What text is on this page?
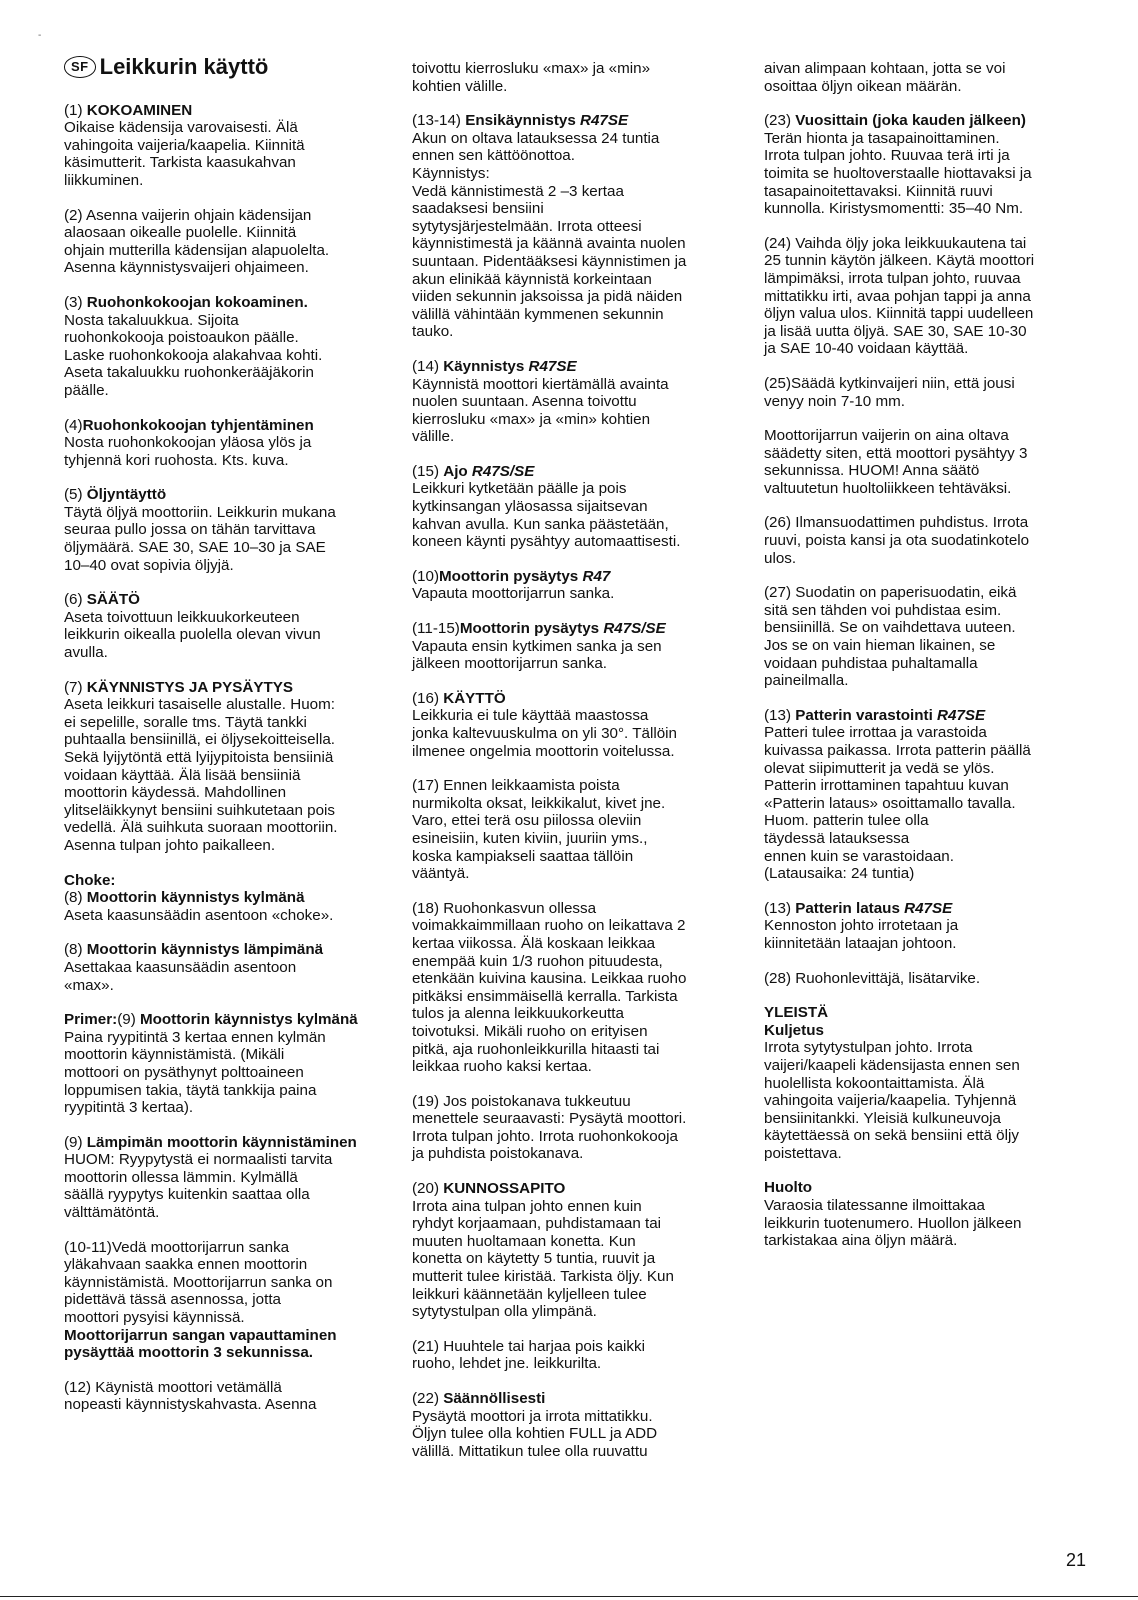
-
SF Leikkurin käyttö

(1) KOKOAMINEN

Oikaise kädensija varovaisesti. Älä

vahingoita vaijeria/kaapelia. Kiinnitä

käsimutterit. Tarkista kaasukahvan

liikkuminen.

(2) Asenna vaijerin ohjain kädensijan

alaosaan oikealle puolelle. Kiinnitä

ohjain mutterilla kädensijan alapuolelta.

Asenna käynnistysvaijeri ohjaimeen.

(3) Ruohonkokoojan kokoaminen.

Nosta takaluukkua. Sijoita

ruohonkokooja poistoaukon päälle.

Laske ruohonkokooja alakahvaa kohti.

Aseta takaluukku ruohonkerääjäkorin

päälle.

(4)Ruohonkokoojan tyhjentäminen

Nosta ruohonkokoojan yläosa ylös ja

tyhjennä kori ruohosta. Kts. kuva.

(5) Öljyntäyttö

Täytä öljyä moottoriin. Leikkurin mukana

seuraa pullo jossa on tähän tarvittava

öljymäärä. SAE 30, SAE 10–30 ja SAE

10–40 ovat sopivia öljyjä.

(6) SÄÄTÖ

Aseta toivottuun leikkuukorkeuteen

leikkurin oikealla puolella olevan vivun

avulla.

(7) KÄYNNISTYS JA PYSÄYTYS

Aseta leikkuri tasaiselle alustalle. Huom:

ei sepelille, soralle tms. Täytä tankki

puhtaalla bensiinillä, ei öljysekoitteisella.

Sekä lyijytöntä että lyijypitoista bensiiniä

voidaan käyttää. Älä lisää bensiiniä

moottorin käydessä. Mahdollinen

ylitseläikkynyt bensiini suihkutetaan pois

vedellä. Älä suihkuta suoraan moottoriin.

Asenna tulpan johto paikalleen.

Choke:

(8) Moottorin käynnistys kylmänä

Aseta kaasunsäädin asentoon «choke».

(8) Moottorin käynnistys lämpimänä

Asettakaa kaasunsäädin asentoon

«max».

Primer:(9) Moottorin käynnistys kylmänä

Paina ryypitintä 3 kertaa ennen kylmän

moottorin käynnistämistä. (Mikäli

mottoori on pysäthynyt polttoaineen

loppumisen takia, täytä tankkija paina

ryypitintä 3 kertaa).

(9) Lämpimän moottorin käynnistäminen

HUOM: Ryypytystä ei normaalisti tarvita

moottorin ollessa lämmin. Kylmällä

säällä ryypytys kuitenkin saattaa olla

välttämätöntä.

(10-11)Vedä moottorijarrun sanka

yläkahvaan saakka ennen moottorin

käynnistämistä. Moottorijarrun sanka on

pidettävä tässä asennossa, jotta

moottori pysyisi käynnissä.

Moottorijarrun sangan vapauttaminen

pysäyttää moottorin 3 sekunnissa.

(12) Käynistä moottori vetämällä

nopeasti käynnistyskahvasta. Asenna

toivottu kierrosluku «max» ja «min»

kohtien välille.

(13-14) Ensikäynnistys R47SE

Akun on oltava latauksessa 24 tuntia

ennen sen kättöönottoa.

Käynnistys:

Vedä kännistimestä 2 –3 kertaa

saadaksesi bensiini

sytytysjärjestelmään. Irrota otteesi

käynnistimestä ja käännä avainta nuolen

suuntaan. Pidentääksesi käynnistimen ja

akun elinikää käynnistä korkeintaan

viiden sekunnin jaksoissa ja pidä näiden

välillä vähintään kymmenen sekunnin

tauko.

(14) Käynnistys R47SE

Käynnistä moottori kiertämällä avainta

nuolen suuntaan. Asenna toivottu

kierrosluku «max» ja «min» kohtien

välille.

(15) Ajo R47S/SE

Leikkuri kytketään päälle ja pois

kytkinsangan yläosassa sijaitsevan

kahvan avulla. Kun sanka päästetään,

koneen käynti pysähtyy automaattisesti.

(10)Moottorin pysäytys R47

Vapauta moottorijarrun sanka.

(11-15)Moottorin pysäytys R47S/SE

Vapauta ensin kytkimen sanka ja sen

jälkeen moottorijarrun sanka.

(16) KÄYTTÖ

Leikkuria ei tule käyttää maastossa

jonka kaltevuuskulma on yli 30°. Tällöin

ilmenee ongelmia moottorin voitelussa.

(17) Ennen leikkaamista poista

nurmikolta oksat, leikkikalut, kivet jne.

Varo, ettei terä osu piilossa oleviin

esineisiin, kuten kiviin, juuriin yms.,

koska kampiakseli saattaa tällöin

vääntyä.

(18) Ruohonkasvun ollessa

voimakkaimmillaan ruoho on leikattava 2

kertaa viikossa. Älä koskaan leikkaa

enempää kuin 1/3 ruohon pituudesta,

etenkään kuivina kausina. Leikkaa ruoho

pitkäksi ensimmäisellä kerralla. Tarkista

tulos ja alenna leikkuukorkeutta

toivotuksi. Mikäli ruoho on erityisen

pitkä, aja ruohonleikkurilla hitaasti tai

leikkaa ruoho kaksi kertaa.

(19) Jos poistokanava tukkeutuu

menettele seuraavasti: Pysäytä moottori.

Irrota tulpan johto. Irrota ruohonkokooja

ja puhdista poistokanava.

(20) KUNNOSSAPITO

Irrota aina tulpan johto ennen kuin

ryhdyt korjaamaan, puhdistamaan tai

muuten huoltamaan konetta. Kun

konetta on käytetty 5 tuntia, ruuvit ja

mutterit tulee kiristää. Tarkista öljy. Kun

leikkuri käännetään kyljelleen tulee

sytytystulpan olla ylimpänä.

(21) Huuhtele tai harjaa pois kaikki

ruoho, lehdet jne. leikkurilta.

(22) Säännöllisesti

Pysäytä moottori ja irrota mittatikku.

Öljyn tulee olla kohtien FULL ja ADD

välillä. Mittatikun tulee olla ruuvattu

aivan alimpaan kohtaan, jotta se voi

osoittaa öljyn oikean määrän.

(23) Vuosittain (joka kauden jälkeen)

Terän hionta ja tasapainoittaminen.

Irrota tulpan johto. Ruuvaa terä irti ja

toimita se huoltoverstaalle hiottavaksi ja

tasapainoitettavaksi. Kiinnitä ruuvi

kunnolla. Kiristysmomentti: 35–40 Nm.

(24) Vaihda öljy joka leikkuukautena tai

25 tunnin käytön jälkeen. Käytä moottori

lämpimäksi, irrota tulpan johto, ruuvaa

mittatikku irti, avaa pohjan tappi ja anna

öljyn valua ulos. Kiinnitä tappi uudelleen

ja lisää uutta öljyä. SAE 30, SAE 10-30

ja SAE 10-40 voidaan käyttää.

(25)Säädä kytkinvaijeri niin, että jousi

venyy noin 7-10 mm.

Moottorijarrun vaijerin on aina oltava

säädetty siten, että moottori pysähtyy 3

sekunnissa. HUOM! Anna säätö

valtuutetun huoltoliikkeen tehtäväksi.

(26) Ilmansuodattimen puhdistus. Irrota

ruuvi, poista kansi ja ota suodatinkotelo

ulos.

(27) Suodatin on paperisuodatin, eikä

sitä sen tähden voi puhdistaa esim.

bensiinillä. Se on vaihdettava uuteen.

Jos se on vain hieman likainen, se

voidaan puhdistaa puhaltamalla

paineilmalla.

(13) Patterin varastointi R47SE

Patteri tulee irrottaa ja varastoida

kuivassa paikassa. Irrota patterin päällä

olevat siipimutterit ja vedä se ylös.

Patterin irrottaminen tapahtuu kuvan

«Patterin lataus» osoittamallo tavalla.

Huom. patterin tulee olla

täydessä latauksessa

ennen kuin se varastoidaan.

(Latausaika: 24 tuntia)

(13) Patterin lataus R47SE

Kennoston johto irrotetaan ja

kiinnitetään lataajan johtoon.

(28) Ruohonlevittäjä, lisätarvike.

YLEISTÄ

Kuljetus

Irrota sytytystulpan johto. Irrota

vaijeri/kaapeli kädensijasta ennen sen

huolellista kokoontaittamista. Älä

vahingoita vaijeria/kaapelia. Tyhjennä

bensiinitankki. Yleisiä kulkuneuvoja

käytettäessä on sekä bensiini että öljy

poistettava.

Huolto

Varaosia tilatessanne ilmoittakaa

leikkurin tuotenumero. Huollon jälkeen

tarkistakaa aina öljyn määrä.

21
